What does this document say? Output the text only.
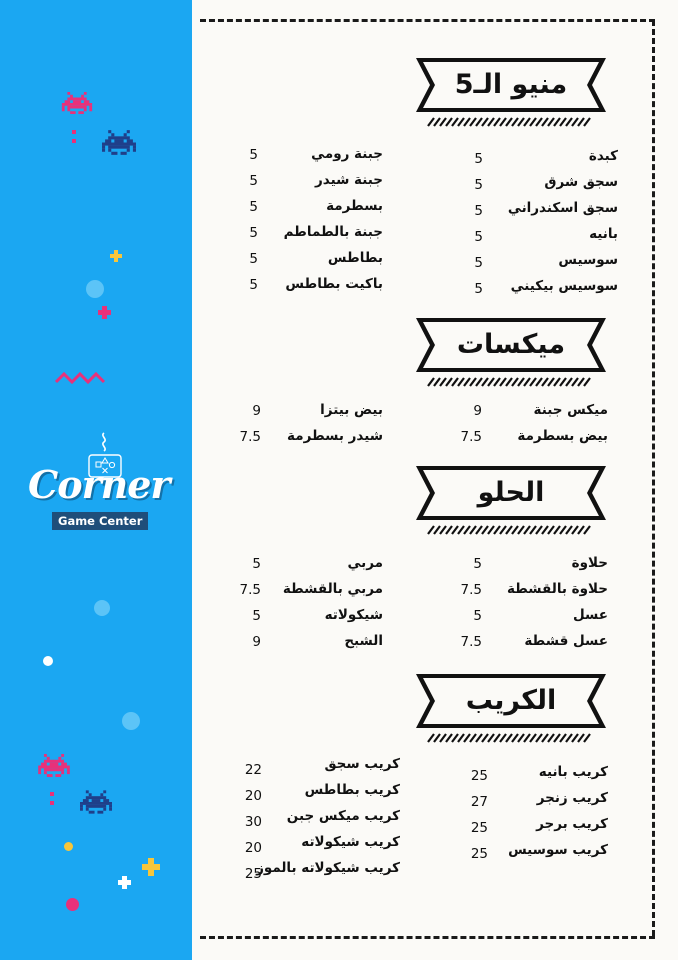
Corner
Game Center
منيو الـ5
كبدة
5
سجق شرق
5
سجق اسكندراني
5
بانيه
5
سوسيس
5
سوسيس بيكيني
5
جبنة رومي
5
جبنة شيدر
5
بسطرمة
5
جبنة بالطماطم
5
بطاطس
5
باكيت بطاطس
5
ميكسات
ميكس جبنة
9
بيض بسطرمة
7.5
بيض بيتزا
9
شيدر بسطرمة
7.5
الحلو
حلاوة
5
حلاوة بالقشطة
7.5
عسل
5
عسل قشطة
7.5
مربي
5
مربي بالقشطة
7.5
شيكولاته
5
الشبح
9
الكريب
كريب بانيه
25
كريب زنجر
27
كريب برجر
25
كريب سوسيس
25
كريب سجق
22
كريب بطاطس
20
كريب ميكس جبن
30
كريب شيكولاته
20
كريب شيكولاته بالموز
25
